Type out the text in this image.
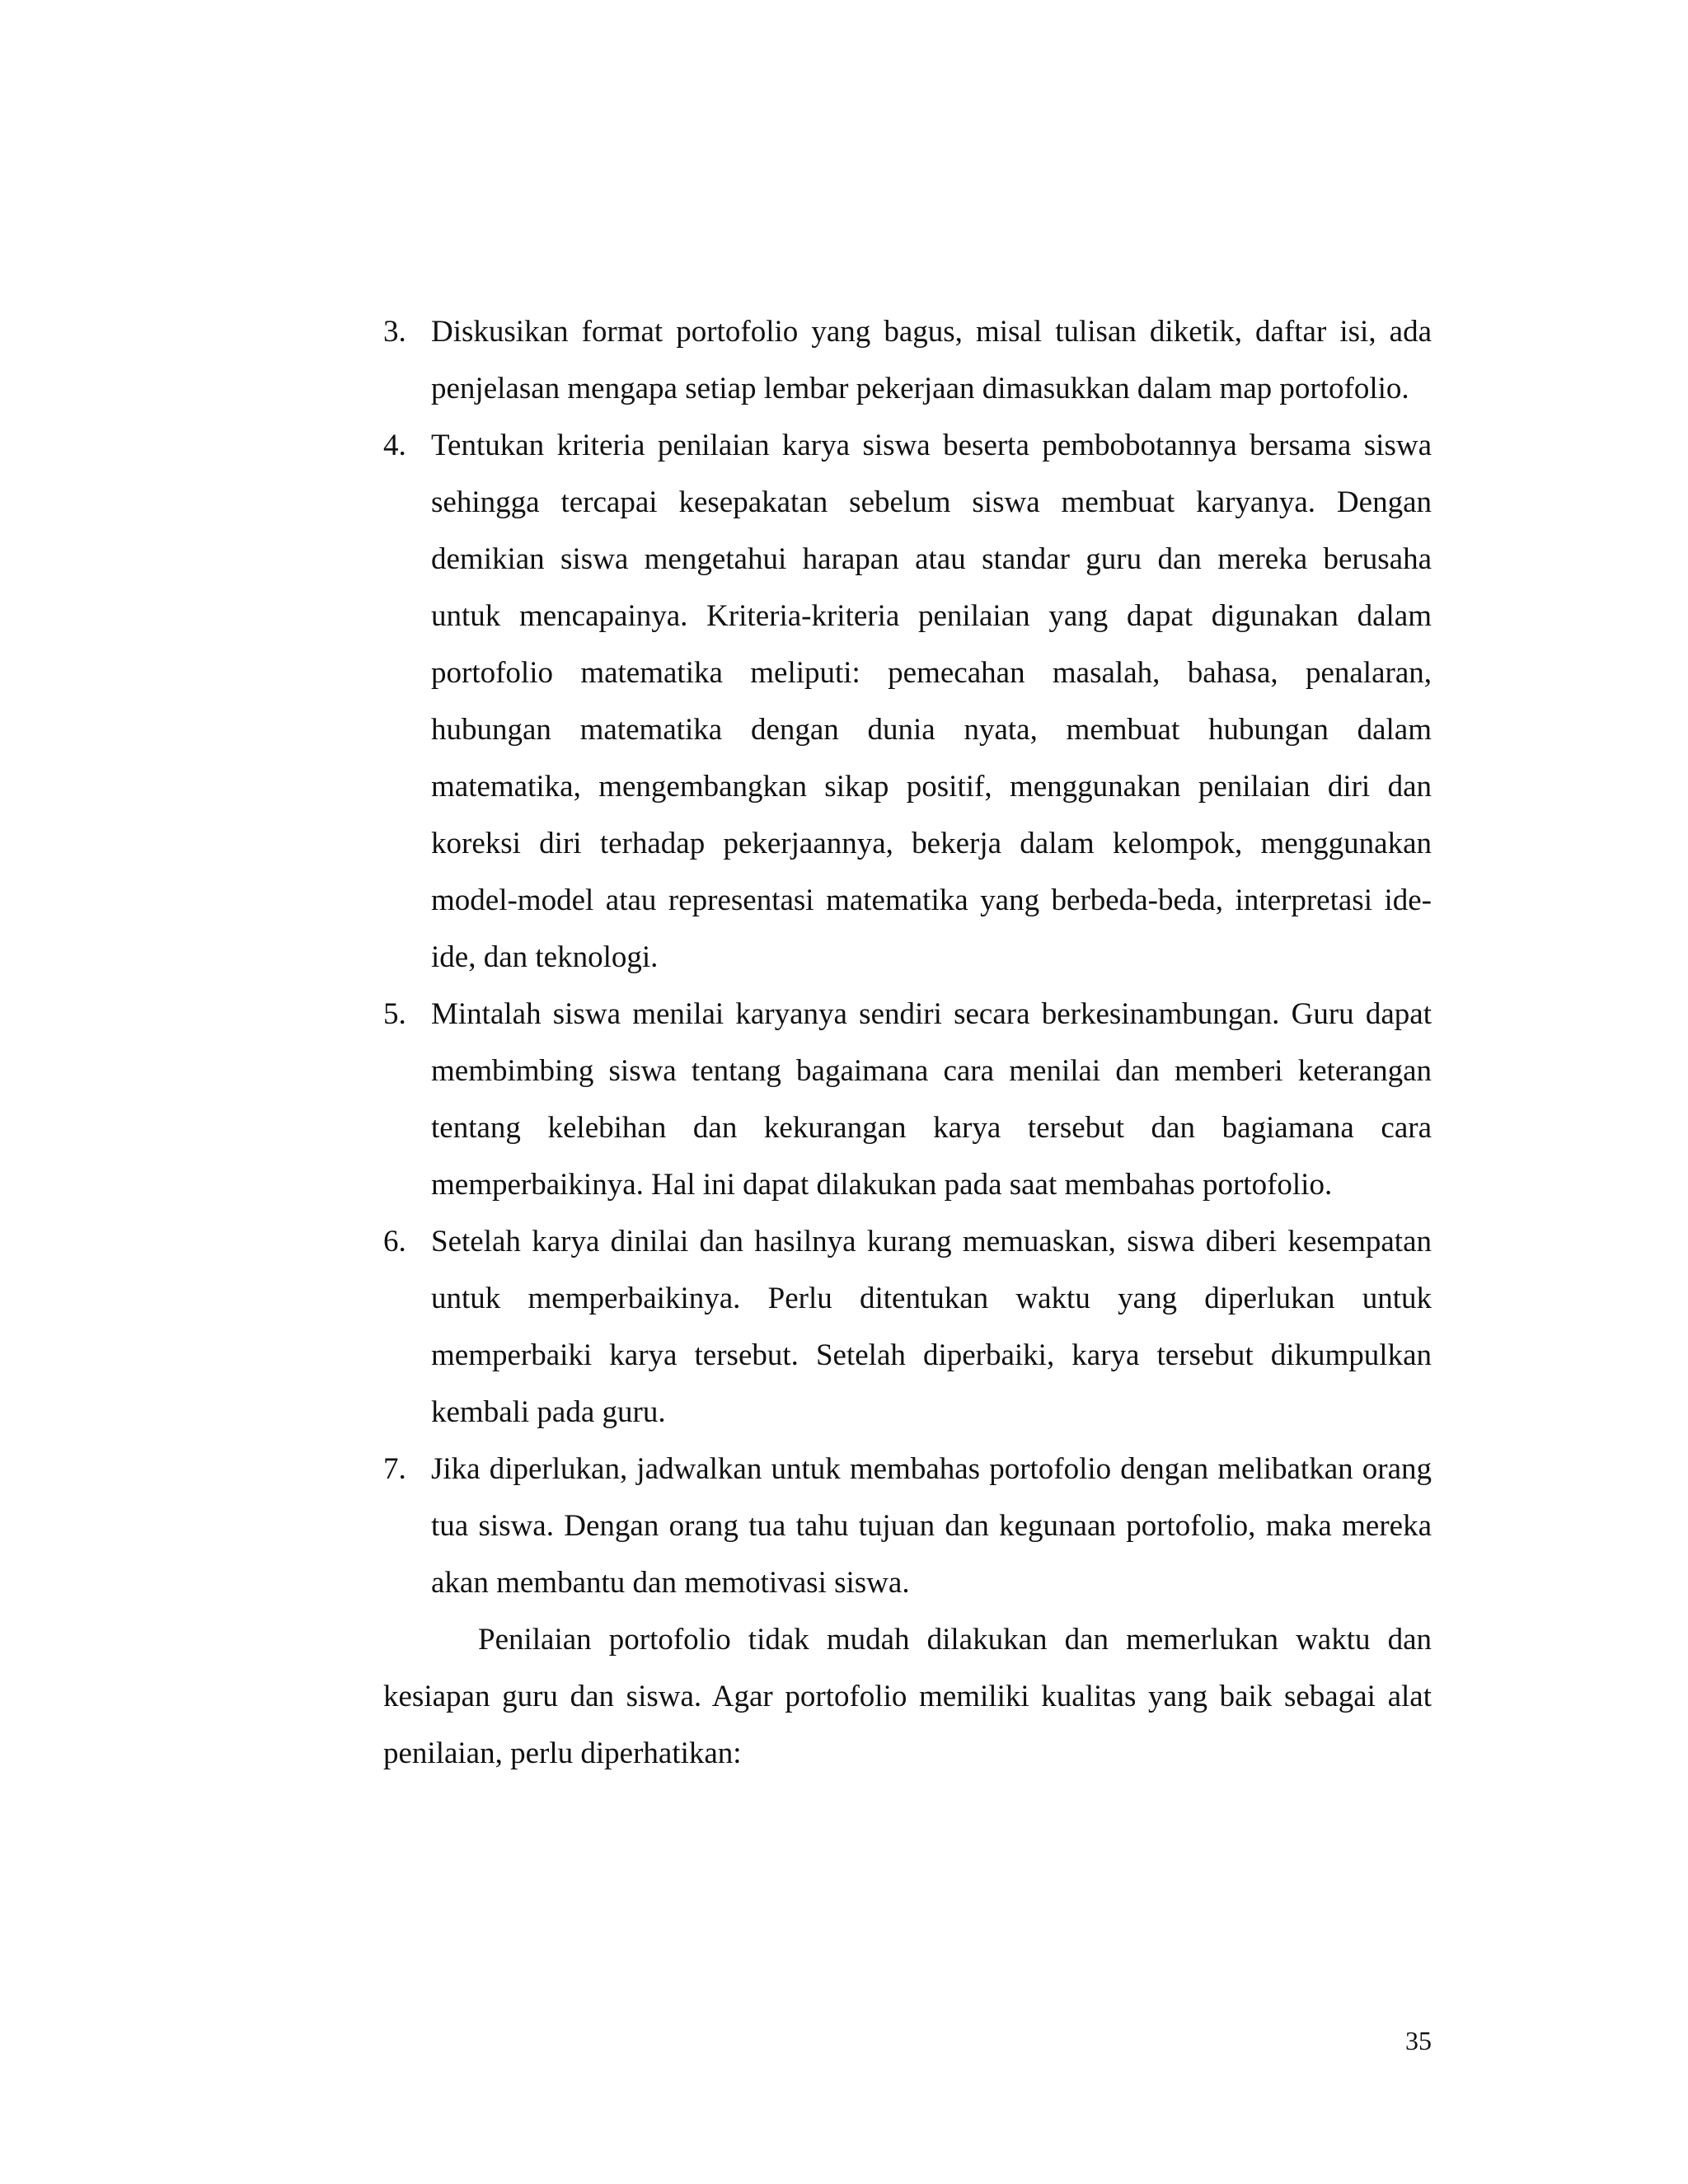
3. Diskusikan format portofolio yang bagus, misal tulisan diketik, daftar isi, ada penjelasan mengapa setiap lembar pekerjaan dimasukkan dalam map portofolio.
4. Tentukan kriteria penilaian karya siswa beserta pembobotannya bersama siswa sehingga tercapai kesepakatan sebelum siswa membuat karyanya. Dengan demikian siswa mengetahui harapan atau standar guru dan mereka berusaha untuk mencapainya. Kriteria-kriteria penilaian yang dapat digunakan dalam portofolio matematika meliputi: pemecahan masalah, bahasa, penalaran, hubungan matematika dengan dunia nyata, membuat hubungan dalam matematika, mengembangkan sikap positif, menggunakan penilaian diri dan koreksi diri terhadap pekerjaannya, bekerja dalam kelompok, menggunakan model-model atau representasi matematika yang berbeda-beda, interpretasi ide-ide, dan teknologi.
5. Mintalah siswa menilai karyanya sendiri secara berkesinambungan. Guru dapat membimbing siswa tentang bagaimana cara menilai dan memberi keterangan tentang kelebihan dan kekurangan karya tersebut dan bagiamana cara memperbaikinya. Hal ini dapat dilakukan pada saat membahas portofolio.
6. Setelah karya dinilai dan hasilnya kurang memuaskan, siswa diberi kesempatan untuk memperbaikinya. Perlu ditentukan waktu yang diperlukan untuk memperbaiki karya tersebut. Setelah diperbaiki, karya tersebut dikumpulkan kembali pada guru.
7. Jika diperlukan, jadwalkan untuk membahas portofolio dengan melibatkan orang tua siswa. Dengan orang tua tahu tujuan dan kegunaan portofolio, maka mereka akan membantu dan memotivasi siswa.

Penilaian portofolio tidak mudah dilakukan dan memerlukan waktu dan kesiapan guru dan siswa. Agar portofolio memiliki kualitas yang baik sebagai alat penilaian, perlu diperhatikan:

35
